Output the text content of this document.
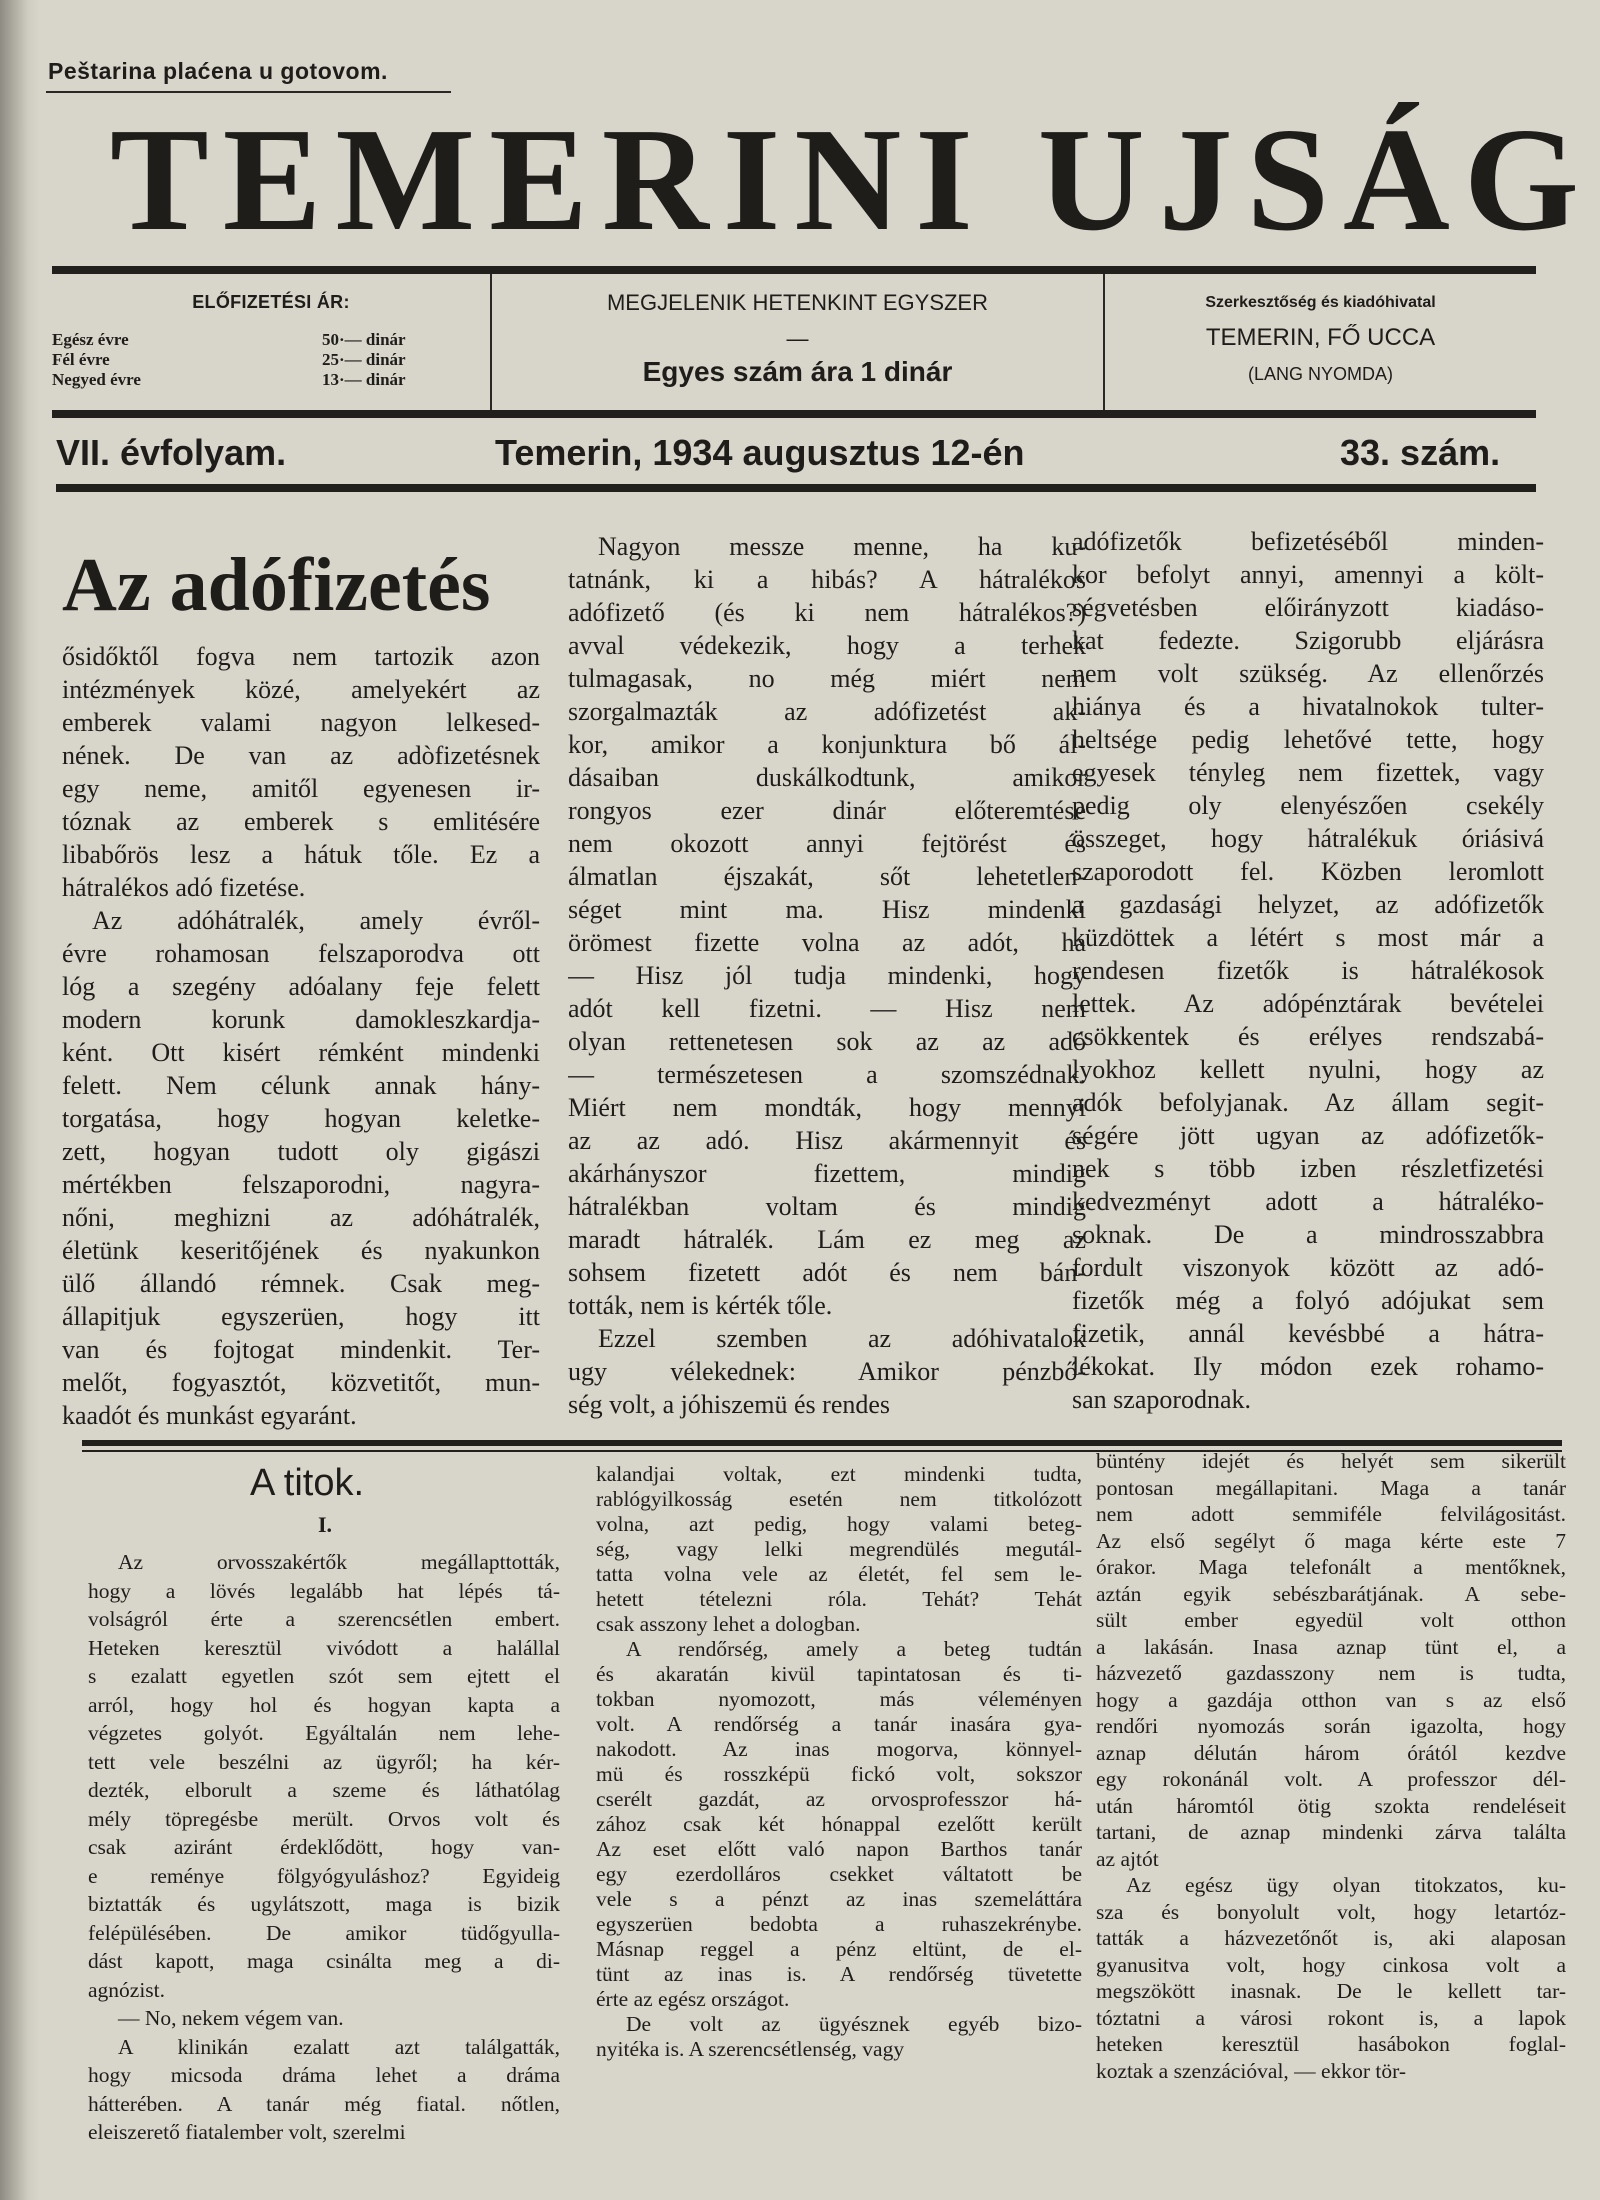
Peštarina plaćena u gotovom.
TEMERINI UJSÁG
ELŐFIZETÉSI ÁR:
Egész évre	50·— dinár
Fél évre	25·— dinár
Negyed évre	13·— dinár
MEGJELENIK HETENKINT EGYSZER
—
Egyes szám ára 1 dinár
Szerkesztőség és kiadóhivatal
TEMERIN, FŐ UCCA
(LANG NYOMDA)
VII. évfolyam.	Temerin, 1934 augusztus 12-én	33. szám.
Az adófizetés
ősidőktől fogva nem tartozik azon
intézmények közé, amelyekért az
emberek valami nagyon lelkesed-
nének. De van az adòfizetésnek
egy neme, amitől egyenesen ir-
tóznak az emberek s emlitésére
libabőrös lesz a hátuk tőle. Ez a
hátralékos adó fizetése.
Az adóhátralék, amely évről-
évre rohamosan felszaporodva ott
lóg a szegény adóalany feje felett
modern korunk damokleszkardja-
ként. Ott kisért rémként mindenki
felett. Nem célunk annak hány-
torgatása, hogy hogyan keletke-
zett, hogyan tudott oly gigászi
mértékben felszaporodni, nagyra-
nőni, meghizni az adóhátralék,
életünk keseritőjének és nyakunkon
ülő állandó rémnek. Csak meg-
állapitjuk egyszerüen, hogy itt
van és fojtogat mindenkit. Ter-
melőt, fogyasztót, közvetitőt, mun-
kaadót és munkást egyaránt.
Nagyon messze menne, ha ku-
tatnánk, ki a hibás? A hátralékos
adófizető (és ki nem hátralékos?)
avval védekezik, hogy a terhek
tulmagasak, no még miért nem
szorgalmazták az adófizetést ak-
kor, amikor a konjunktura bő ál-
dásaiban duskálkodtunk, amikor
rongyos ezer dinár előteremtése
nem okozott annyi fejtörést és
álmatlan éjszakát, sőt lehetetlen-
séget mint ma. Hisz mindenki
örömest fizette volna az adót, ha
— Hisz jól tudja mindenki, hogy
adót kell fizetni. — Hisz nem
olyan rettenetesen sok az az adó
— természetesen a szomszédnak.
Miért nem mondták, hogy mennyi
az az adó. Hisz akármennyit és
akárhányszor fizettem, mindig
hátralékban voltam és mindig
maradt hátralék. Lám ez meg az
sohsem fizetett adót és nem bán-
tották, nem is kérték tőle.
Ezzel szemben az adóhivatalok
ugy vélekednek: Amikor pénzbő-
ség volt, a jóhiszemü és rendes
adófizetők befizetéséből minden-
kor befolyt annyi, amennyi a költ-
ségvetésben előirányzott kiadáso-
kat fedezte. Szigorubb eljárásra
nem volt szükség. Az ellenőrzés
hiánya és a hivatalnokok tulter-
heltsége pedig lehetővé tette, hogy
egyesek tényleg nem fizettek, vagy
pedig oly elenyészően csekély
összeget, hogy hátralékuk óriásivá
szaporodott fel. Közben leromlott
a gazdasági helyzet, az adófizetők
küzdöttek a létért s most már a
rendesen fizetők is hátralékosok
lettek. Az adópénztárak bevételei
csökkentek és erélyes rendszabá-
lyokhoz kellett nyulni, hogy az
adók befolyjanak. Az állam segit-
ségére jött ugyan az adófizetők-
nek s több izben részletfizetési
kedvezményt adott a hátraléko-
soknak. De a mindrosszabbra
fordult viszonyok között az adó-
fizetők még a folyó adójukat sem
fizetik, annál kevésbbé a hátra-
lékokat. Ily módon ezek rohamo-
san szaporodnak.
A titok.
I.
Az orvosszakértők megállapttották,
hogy a lövés legalább hat lépés tá-
volságról érte a szerencsétlen embert.
Heteken keresztül vivódott a halállal
s ezalatt egyetlen szót sem ejtett el
arról, hogy hol és hogyan kapta a
végzetes golyót. Egyáltalán nem lehe-
tett vele beszélni az ügyről; ha kér-
dezték, elborult a szeme és láthatólag
mély töpregésbe merült. Orvos volt és
csak aziránt érdeklődött, hogy van-
e reménye fölgyógyuláshoz? Egyideig
biztatták és ugylátszott, maga is bizik
felépülésében. De amikor tüdőgyulla-
dást kapott, maga csinálta meg a di-
agnózist.
— No, nekem végem van.
A klinikán ezalatt azt találgatták,
hogy micsoda dráma lehet a dráma
hátterében. A tanár még fiatal. nőtlen,
eleiszerető fiatalember volt, szerelmi
kalandjai voltak, ezt mindenki tudta,
rablógyilkosság esetén nem titkolózott
volna, azt pedig, hogy valami beteg-
ség, vagy lelki megrendülés megutál-
tatta volna vele az életét, fel sem le-
hetett tételezni róla. Tehát? Tehát
csak asszony lehet a dologban.
A rendőrség, amely a beteg tudtán
és akaratán kivül tapintatosan és ti-
tokban nyomozott, más véleményen
volt. A rendőrség a tanár inasára gya-
nakodott. Az inas mogorva, könnyel-
mü és rosszképü fickó volt, sokszor
cserélt gazdát, az orvosprofesszor há-
zához csak két hónappal ezelőtt került
Az eset előtt való napon Barthos tanár
egy ezerdolláros csekket váltatott be
vele s a pénzt az inas szemeláttára
egyszerüen bedobta a ruhaszekrénybe.
Másnap reggel a pénz eltünt, de el-
tünt az inas is. A rendőrség tüvetette
érte az egész országot.
De volt az ügyésznek egyéb bizo-
nyitéka is. A szerencsétlenség, vagy
büntény idejét és helyét sem sikerült
pontosan megállapitani. Maga a tanár
nem adott semmiféle felvilágositást.
Az első segélyt ő maga kérte este 7
órakor. Maga telefonált a mentőknek,
aztán egyik sebészbarátjának. A sebe-
sült ember egyedül volt otthon
a lakásán. Inasa aznap tünt el, a
házvezető gazdasszony nem is tudta,
hogy a gazdája otthon van s az első
rendőri nyomozás során igazolta, hogy
aznap délután három órától kezdve
egy rokonánál volt. A professzor dél-
után háromtól ötig szokta rendeléseit
tartani, de aznap mindenki zárva találta
az ajtót
Az egész ügy olyan titokzatos, ku-
sza és bonyolult volt, hogy letartóz-
tatták a házvezetőnőt is, aki alaposan
gyanusitva volt, hogy cinkosa volt a
megszökött inasnak. De le kellett tar-
tóztatni a városi rokont is, a lapok
heteken keresztül hasábokon foglal-
koztak a szenzációval, — ekkor tör-
